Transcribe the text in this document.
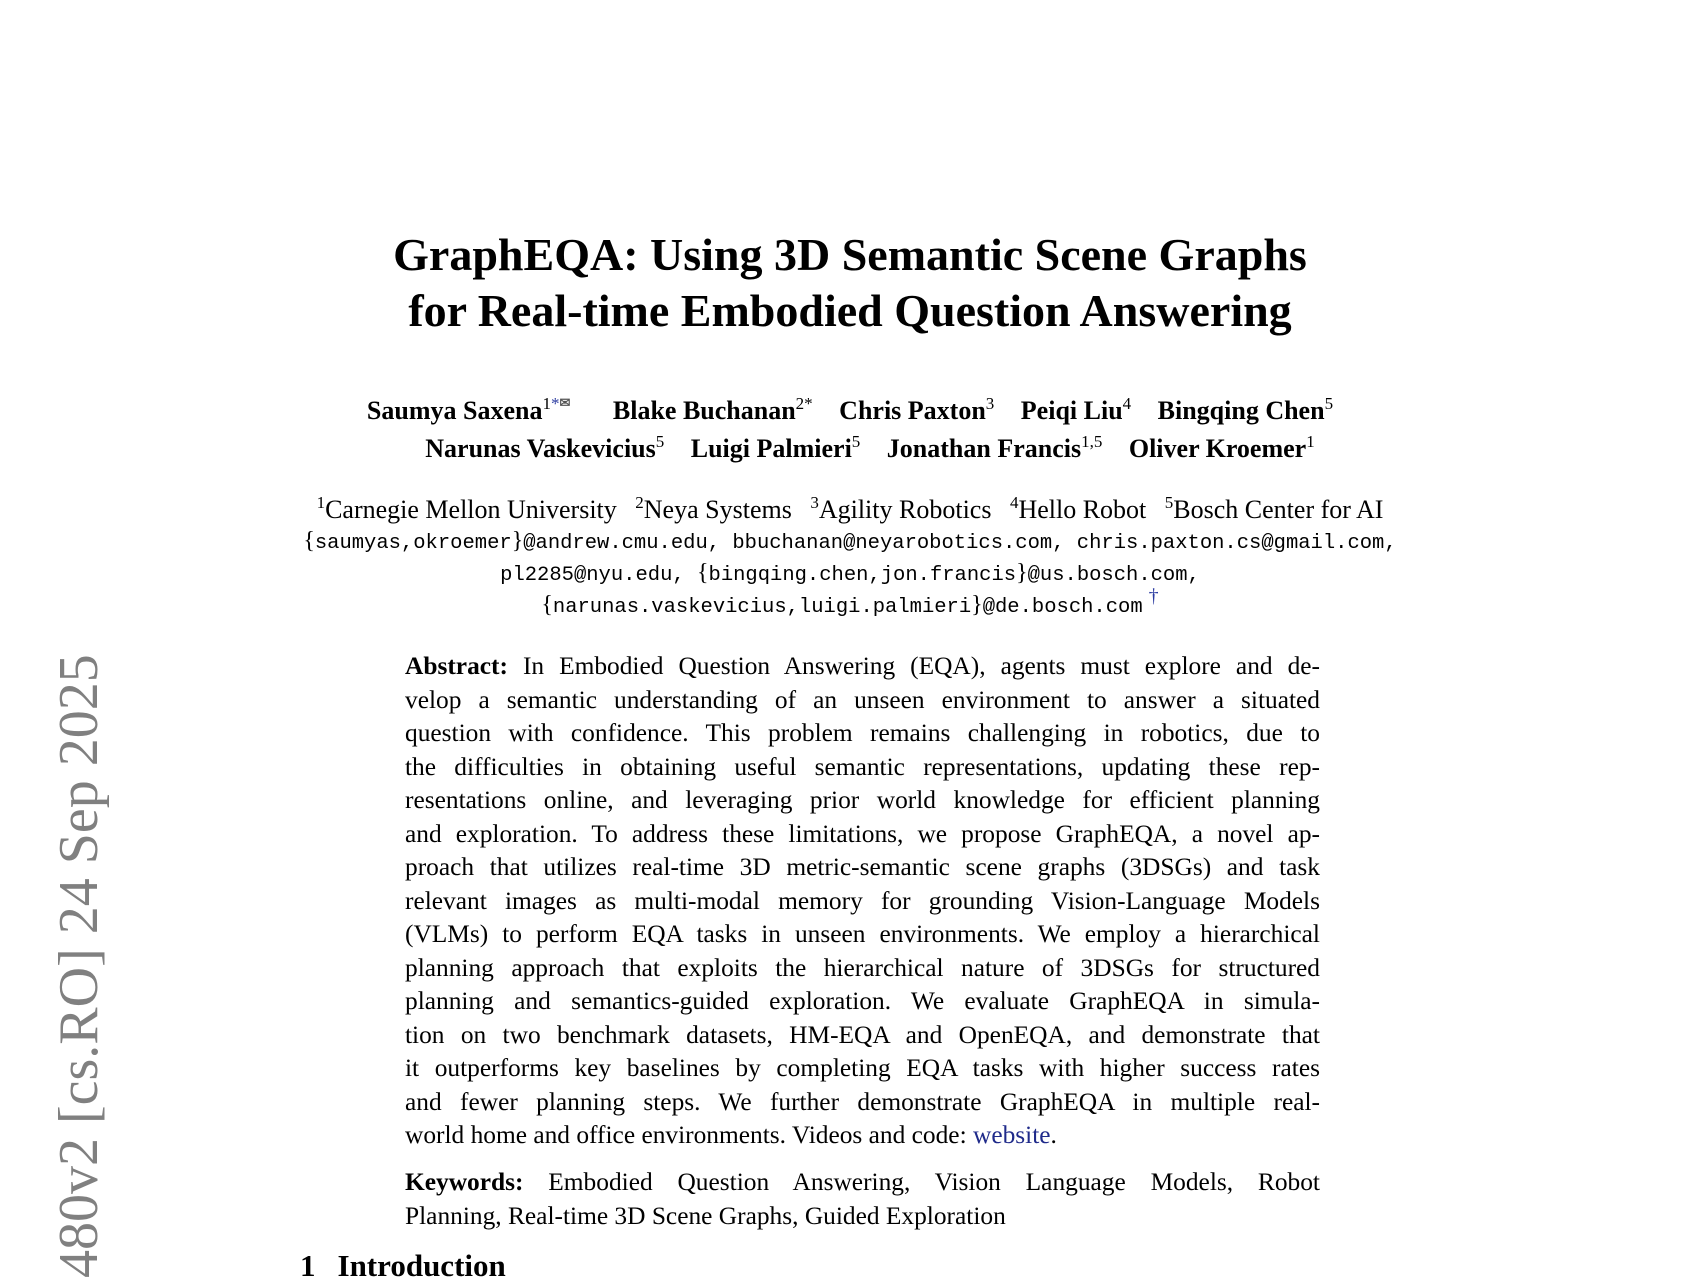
480v2 [cs.RO] 24 Sep 2025
GraphEQA: Using 3D Semantic Scene Graphs
for Real-time Embodied Question Answering
Saumya Saxena$^{1*✉}$ Blake Buchanan$^{2*}$ Chris Paxton$^3$ Peiqi Liu$^4$ Bingqing Chen$^5$
Narunas Vaskevicius$^5$ Luigi Palmieri$^5$ Jonathan Francis$^{1,5}$ Oliver Kroemer$^1$
$^1$Carnegie Mellon University $^2$Neya Systems $^3$Agility Robotics $^4$Hello Robot $^5$Bosch Center for AI
{saumyas,okroemer}@andrew.cmu.edu, bbuchanan@neyarobotics.com, chris.paxton.cs@gmail.com,
pl2285@nyu.edu, {bingqing.chen,jon.francis}@us.bosch.com,
{narunas.vaskevicius,luigi.palmieri}@de.bosch.com †
Abstract: In Embodied Question Answering (EQA), agents must explore and de-
velop a semantic understanding of an unseen environment to answer a situated
question with confidence. This problem remains challenging in robotics, due to
the difficulties in obtaining useful semantic representations, updating these rep-
resentations online, and leveraging prior world knowledge for efficient planning
and exploration. To address these limitations, we propose GraphEQA, a novel ap-
proach that utilizes real-time 3D metric-semantic scene graphs (3DSGs) and task
relevant images as multi-modal memory for grounding Vision-Language Models
(VLMs) to perform EQA tasks in unseen environments. We employ a hierarchical
planning approach that exploits the hierarchical nature of 3DSGs for structured
planning and semantics-guided exploration. We evaluate GraphEQA in simula-
tion on two benchmark datasets, HM-EQA and OpenEQA, and demonstrate that
it outperforms key baselines by completing EQA tasks with higher success rates
and fewer planning steps. We further demonstrate GraphEQA in multiple real-
world home and office environments. Videos and code: website.
Keywords: Embodied Question Answering, Vision Language Models, Robot
Planning, Real-time 3D Scene Graphs, Guided Exploration
1 Introduction
